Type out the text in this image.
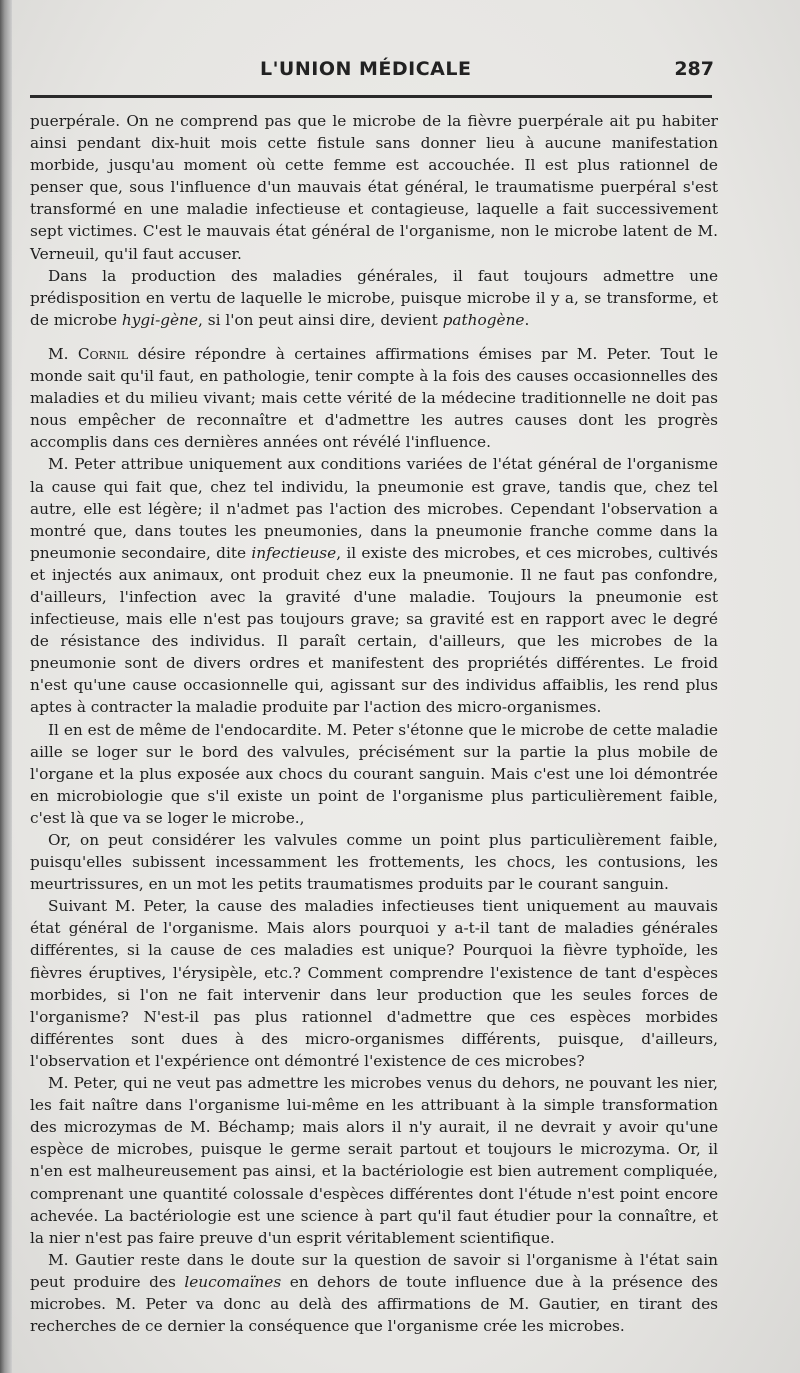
L'UNION MÉDICALE	287

puerpérale. On ne comprend pas que le microbe de la fièvre puerpérale ait pu habiter ainsi pendant dix-huit mois cette fistule sans donner lieu à aucune manifestation morbide, jusqu'au moment où cette femme est accouchée. Il est plus rationnel de penser que, sous l'influence d'un mauvais état général, le traumatisme puerpéral s'est transformé en une maladie infectieuse et contagieuse, laquelle a fait successivement sept victimes. C'est le mauvais état général de l'organisme, non le microbe latent de M. Verneuil, qu'il faut accuser.

Dans la production des maladies générales, il faut toujours admettre une prédisposition en vertu de laquelle le microbe, puisque microbe il y a, se transforme, et de microbe hygi-gène, si l'on peut ainsi dire, devient pathogène.

M. Cornil désire répondre à certaines affirmations émises par M. Peter. Tout le monde sait qu'il faut, en pathologie, tenir compte à la fois des causes occasionnelles des maladies et du milieu vivant; mais cette vérité de la médecine traditionnelle ne doit pas nous empêcher de reconnaître et d'admettre les autres causes dont les progrès accomplis dans ces dernières années ont révélé l'influence.

M. Peter attribue uniquement aux conditions variées de l'état général de l'organisme la cause qui fait que, chez tel individu, la pneumonie est grave, tandis que, chez tel autre, elle est légère; il n'admet pas l'action des microbes. Cependant l'observation a montré que, dans toutes les pneumonies, dans la pneumonie franche comme dans la pneumonie secondaire, dite infectieuse, il existe des microbes, et ces microbes, cultivés et injectés aux animaux, ont produit chez eux la pneumonie. Il ne faut pas confondre, d'ailleurs, l'infection avec la gravité d'une maladie. Toujours la pneumonie est infectieuse, mais elle n'est pas toujours grave; sa gravité est en rapport avec le degré de résistance des individus. Il paraît certain, d'ailleurs, que les microbes de la pneumonie sont de divers ordres et manifestent des propriétés différentes. Le froid n'est qu'une cause occasionnelle qui, agissant sur des individus affaiblis, les rend plus aptes à contracter la maladie produite par l'action des micro-organismes.

Il en est de même de l'endocardite. M. Peter s'étonne que le microbe de cette maladie aille se loger sur le bord des valvules, précisément sur la partie la plus mobile de l'organe et la plus exposée aux chocs du courant sanguin. Mais c'est une loi démontrée en microbiologie que s'il existe un point de l'organisme plus particulièrement faible, c'est là que va se loger le microbe.,

Or, on peut considérer les valvules comme un point plus particulièrement faible, puisqu'elles subissent incessamment les frottements, les chocs, les contusions, les meurtrissures, en un mot les petits traumatismes produits par le courant sanguin.

Suivant M. Peter, la cause des maladies infectieuses tient uniquement au mauvais état général de l'organisme. Mais alors pourquoi y a-t-il tant de maladies générales différentes, si la cause de ces maladies est unique? Pourquoi la fièvre typhoïde, les fièvres éruptives, l'érysipèle, etc.? Comment comprendre l'existence de tant d'espèces morbides, si l'on ne fait intervenir dans leur production que les seules forces de l'organisme? N'est-il pas plus rationnel d'admettre que ces espèces morbides différentes sont dues à des micro-organismes différents, puisque, d'ailleurs, l'observation et l'expérience ont démontré l'existence de ces microbes?

M. Peter, qui ne veut pas admettre les microbes venus du dehors, ne pouvant les nier, les fait naître dans l'organisme lui-même en les attribuant à la simple transformation des microzymas de M. Béchamp; mais alors il n'y aurait, il ne devrait y avoir qu'une espèce de microbes, puisque le germe serait partout et toujours le microzyma. Or, il n'en est malheureusement pas ainsi, et la bactériologie est bien autrement compliquée, comprenant une quantité colossale d'espèces différentes dont l'étude n'est point encore achevée. La bactériologie est une science à part qu'il faut étudier pour la connaître, et la nier n'est pas faire preuve d'un esprit véritablement scientifique.

M. Gautier reste dans le doute sur la question de savoir si l'organisme à l'état sain peut produire des leucomaïnes en dehors de toute influence due à la présence des microbes. M. Peter va donc au delà des affirmations de M. Gautier, en tirant des recherches de ce dernier la conséquence que l'organisme crée les microbes.
